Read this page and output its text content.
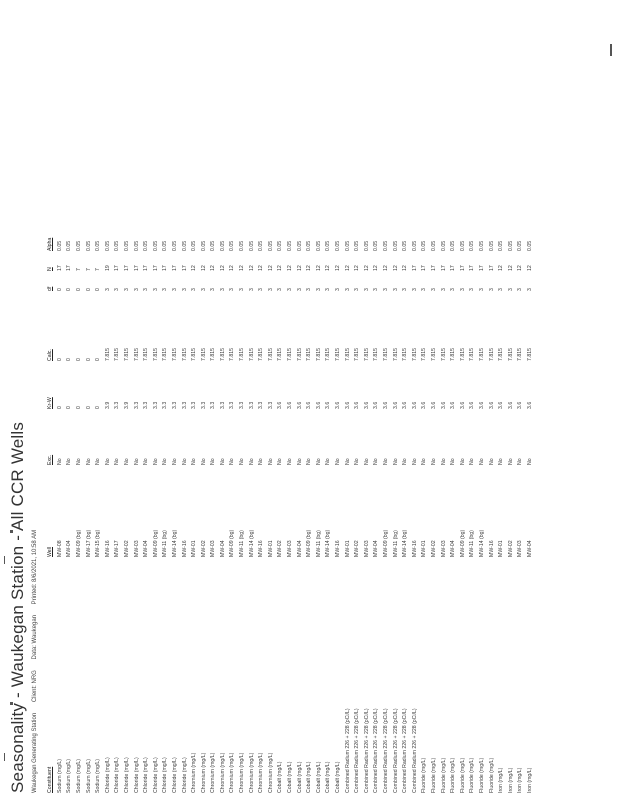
Seasonality - Waukegan Station - All CCR Wells Waukegan Generating Station Client: NRG Data: Waukegan Printed: 8/6/2021, 10:58 AM
Constituent	Well	Exc.	Kr-W	Calc.	df	N	Alpha
Sodium (mg/L)	MW-08	No	0	0	0	17	0.05
Sodium (mg/L)	MW-04	No	0	0	0	17	0.05
Sodium (mg/L)	MW-09 (bg)	No	0	0	0	7	0.05
Sodium (mg/L)	MW-17 (bg)	No	0	0	0	7	0.05
Sodium (mg/L)	MW-15 (bg)	No	0	0	0	7	0.05
Chloride (mg/L)	MW-16	No	3.9	7.815	3	19	0.05
Chloride (mg/L)	MW-17	No	3.3	7.815	3	17	0.05
Chloride (mg/L)	MW-02	No	3.9	7.815	3	17	0.05
Chloride (mg/L)	MW-03	No	3.3	7.815	3	17	0.05
Chloride (mg/L)	MW-04	No	3.3	7.815	3	17	0.05
Chloride (mg/L)	MW-09 (bg)	No	3.3	7.815	3	17	0.05
Chloride (mg/L)	MW-11 (bg)	No	3.3	7.815	3	17	0.05
Chloride (mg/L)	MW-14 (bg)	No	3.3	7.815	3	17	0.05
Chloride (mg/L)	MW-16	No	3.3	7.815	3	17	0.05
Chromium (mg/L)	MW-01	No	3.3	7.815	3	12	0.05
Chromium (mg/L)	MW-02	No	3.3	7.815	3	12	0.05
Chromium (mg/L)	MW-03	No	3.3	7.815	3	12	0.05
Chromium (mg/L)	MW-04	No	3.3	7.815	3	12	0.05
Chromium (mg/L)	MW-09 (bg)	No	3.3	7.815	3	12	0.05
Chromium (mg/L)	MW-11 (bg)	No	3.3	7.815	3	12	0.05
Chromium (mg/L)	MW-14 (bg)	No	3.3	7.815	3	12	0.05
Chromium (mg/L)	MW-16	No	3.3	7.815	3	12	0.05
Chromium (mg/L)	MW-01	No	3.3	7.815	3	12	0.05
Cobalt (mg/L)	MW-02	No	3.6	7.815	3	12	0.05
Cobalt (mg/L)	MW-03	No	3.6	7.815	3	12	0.05
Cobalt (mg/L)	MW-04	No	3.6	7.815	3	12	0.05
Cobalt (mg/L)	MW-09 (bg)	No	3.6	7.815	3	12	0.05
Cobalt (mg/L)	MW-11 (bg)	No	3.6	7.815	3	12	0.05
Cobalt (mg/L)	MW-14 (bg)	No	3.6	7.815	3	12	0.05
Cobalt (mg/L)	MW-16	No	3.6	7.815	3	12	0.05
Combined Radium 226 + 228 (pCi/L)	MW-01	No	3.6	7.815	3	12	0.05
Combined Radium 226 + 228 (pCi/L)	MW-02	No	3.6	7.815	3	12	0.05
Combined Radium 226 + 228 (pCi/L)	MW-03	No	3.6	7.815	3	12	0.05
Combined Radium 226 + 228 (pCi/L)	MW-04	No	3.6	7.815	3	12	0.05
Combined Radium 226 + 228 (pCi/L)	MW-09 (bg)	No	3.6	7.815	3	12	0.05
Combined Radium 226 + 228 (pCi/L)	MW-11 (bg)	No	3.6	7.815	3	12	0.05
Combined Radium 226 + 228 (pCi/L)	MW-14 (bg)	No	3.6	7.815	3	12	0.05
Combined Radium 226 + 228 (pCi/L)	MW-16	No	3.6	7.815	3	17	0.05
Fluoride (mg/L)	MW-01	No	3.6	7.815	3	17	0.05
Fluoride (mg/L)	MW-02	No	3.6	7.815	3	17	0.05
Fluoride (mg/L)	MW-03	No	3.6	7.815	3	17	0.05
Fluoride (mg/L)	MW-04	No	3.6	7.815	3	17	0.05
Fluoride (mg/L)	MW-09 (bg)	No	3.6	7.815	3	17	0.05
Fluoride (mg/L)	MW-11 (bg)	No	3.6	7.815	3	17	0.05
Fluoride (mg/L)	MW-14 (bg)	No	3.6	7.815	3	17	0.05
Fluoride (mg/L)	MW-16	No	3.6	7.815	3	17	0.05
Iron (mg/L)	MW-01	No	3.6	7.815	3	12	0.05
Iron (mg/L)	MW-02	No	3.6	7.815	3	12	0.05
Iron (mg/L)	MW-03	No	3.6	7.815	3	12	0.05
Iron (mg/L)	MW-04	No	3.6	7.815	3	12	0.05
